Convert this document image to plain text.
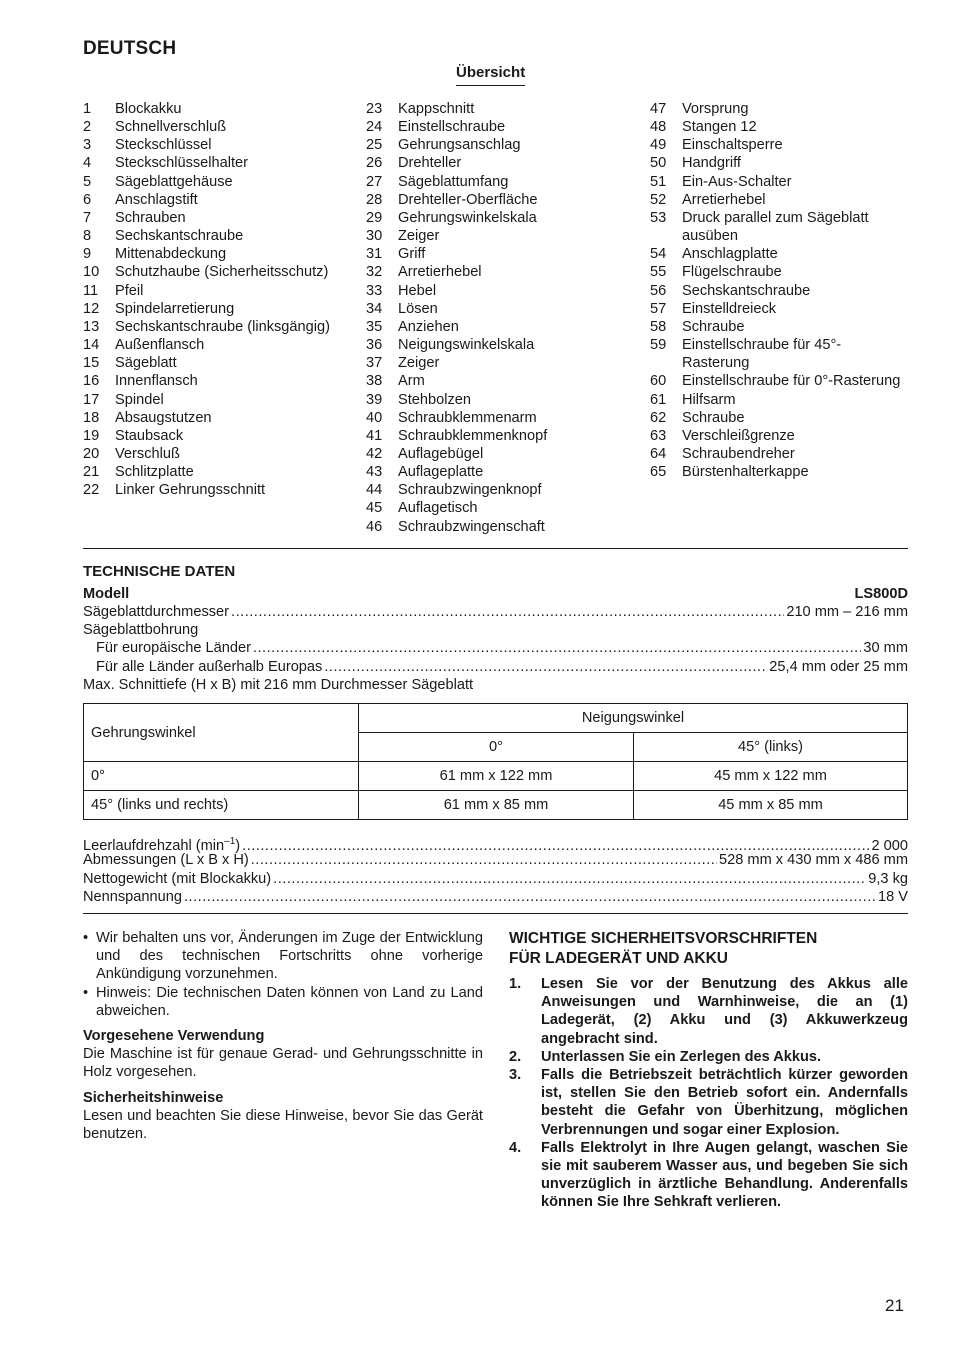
DEUTSCH
Übersicht
1	Blockakku
2	Schnellverschluß
3	Steckschlüssel
4	Steckschlüsselhalter
5	Sägeblattgehäuse
6	Anschlagstift
7	Schrauben
8	Sechskantschraube
9	Mittenabdeckung
10	Schutzhaube (Sicherheitsschutz)
11	Pfeil
12	Spindelarretierung
13	Sechskantschraube (linksgängig)
14	Außenflansch
15	Sägeblatt
16	Innenflansch
17	Spindel
18	Absaugstutzen
19	Staubsack
20	Verschluß
21	Schlitzplatte
22	Linker Gehrungsschnitt
23	Kappschnitt
24	Einstellschraube
25	Gehrungsanschlag
26	Drehteller
27	Sägeblattumfang
28	Drehteller-Oberfläche
29	Gehrungswinkelskala
30	Zeiger
31	Griff
32	Arretierhebel
33	Hebel
34	Lösen
35	Anziehen
36	Neigungswinkelskala
37	Zeiger
38	Arm
39	Stehbolzen
40	Schraubklemmenarm
41	Schraubklemmenknopf
42	Auflagebügel
43	Auflageplatte
44	Schraubzwingenknopf
45	Auflagetisch
46	Schraubzwingenschaft
47	Vorsprung
48	Stangen 12
49	Einschaltsperre
50	Handgriff
51	Ein-Aus-Schalter
52	Arretierhebel
53	Druck parallel zum Sägeblatt ausüben
54	Anschlagplatte
55	Flügelschraube
56	Sechskantschraube
57	Einstelldreieck
58	Schraube
59	Einstellschraube für 45°-Rasterung
60	Einstellschraube für 0°-Rasterung
61	Hilfsarm
62	Schraube
63	Verschleißgrenze
64	Schraubendreher
65	Bürstenhalterkappe
TECHNISCHE DATEN
Modell	LS800D
Sägeblattdurchmesser .....	210 mm – 216 mm
Sägeblattbohrung
Für europäische Länder .....	30 mm
Für alle Länder außerhalb Europas .....	25,4 mm oder 25 mm
Max. Schnittiefe (H x B) mit 216 mm Durchmesser Sägeblatt
Gehrungswinkel	Neigungswinkel	
	0°	45° (links)
0°	61 mm x 122 mm	45 mm x 122 mm
45° (links und rechts)	61 mm x 85 mm	45 mm x 85 mm
Leerlaufdrehzahl $(\min^{-1})$ .....	2 000
Abmessungen (L x B x H) .....	528 mm x 430 mm x 486 mm
Nettogewicht (mit Blockakku) .....	9,3 kg
Nennspannung .....	18 V
• Wir behalten uns vor, Änderungen im Zuge der Entwicklung und des technischen Fortschritts ohne vorherige Ankündigung vorzunehmen.
• Hinweis: Die technischen Daten können von Land zu Land abweichen.
Vorgesehene Verwendung
Die Maschine ist für genaue Gerad- und Gehrungsschnitte in Holz vorgesehen.
Sicherheitshinweise
Lesen und beachten Sie diese Hinweise, bevor Sie das Gerät benutzen.
WICHTIGE SICHERHEITSVORSCHRIFTEN
FÜR LADEGERÄT UND AKKU
1.	Lesen Sie vor der Benutzung des Akkus alle Anweisungen und Warnhinweise, die an (1) Ladegerät, (2) Akku und (3) Akkuwerkzeug angebracht sind.
2.	Unterlassen Sie ein Zerlegen des Akkus.
3.	Falls die Betriebszeit beträchtlich kürzer geworden ist, stellen Sie den Betrieb sofort ein. Andernfalls besteht die Gefahr von Überhitzung, möglichen Verbrennungen und sogar einer Explosion.
4.	Falls Elektrolyt in Ihre Augen gelangt, waschen Sie sie mit sauberem Wasser aus, und begeben Sie sich unverzüglich in ärztliche Behandlung. Anderenfalls können Sie Ihre Sehkraft verlieren.
21
